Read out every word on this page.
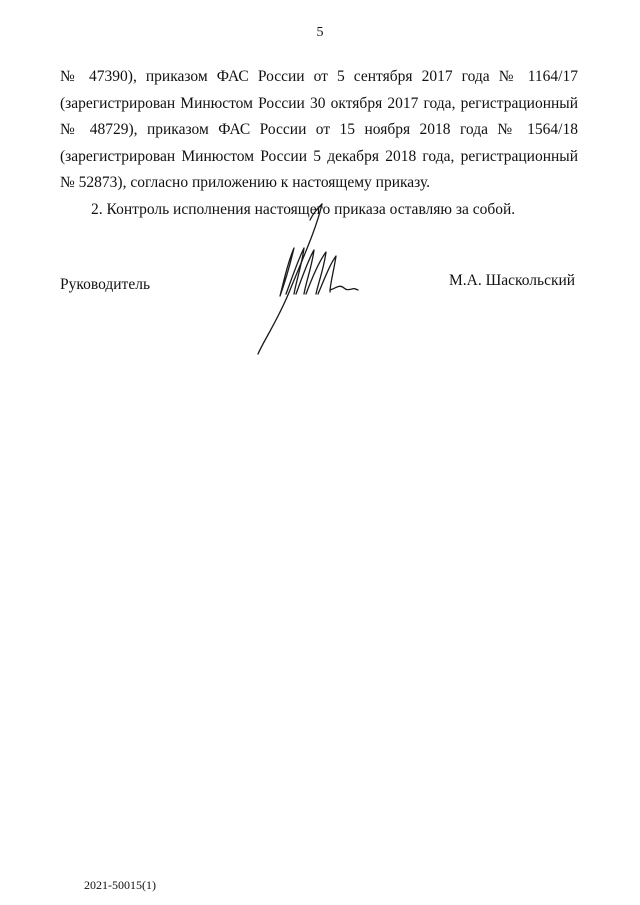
5
№ 47390), приказом ФАС России от 5 сентября 2017 года № 1164/17
(зарегистрирован Минюстом России 30 октября 2017 года, регистрационный
№ 48729), приказом ФАС России от 15 ноября 2018 года № 1564/18
(зарегистрирован Минюстом России 5 декабря 2018 года, регистрационный
№ 52873), согласно приложению к настоящему приказу.
2. Контроль исполнения настоящего приказа оставляю за собой.
Руководитель	М.А. Шаскольский
2021-50015(1)
